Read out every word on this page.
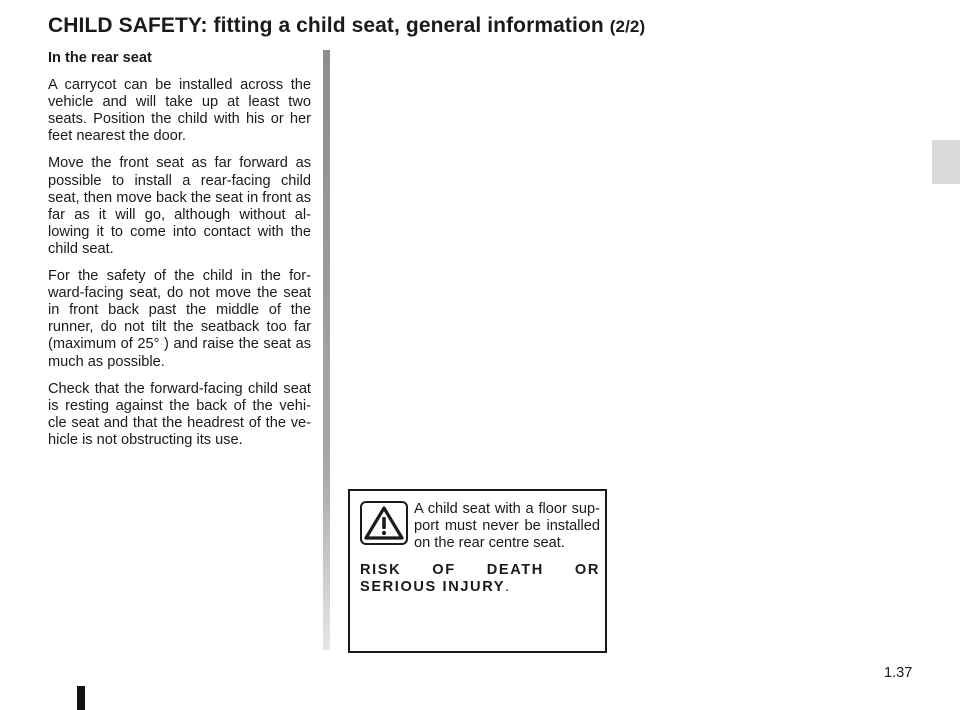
CHILD SAFETY: fitting a child seat, general information (2/2)
In the rear seat

A carrycot can be installed across the vehicle and will take up at least two seats. Position the child with his or her feet nearest the door.

Move the front seat as far forward as possible to install a rear-facing child seat, then move back the seat in front as far as it will go, although without al-lowing it to come into contact with the child seat.

For the safety of the child in the for-ward-facing seat, do not move the seat in front back past the middle of the runner, do not tilt the seatback too far (maximum of 25° ) and raise the seat as much as possible.

Check that the forward-facing child seat is resting against the back of the vehi-cle seat and that the headrest of the ve-hicle is not obstructing its use.

A child seat with a floor sup-port must never be installed on the rear centre seat.

RISK OF DEATH OR SERIOUS INJURY.

1.37
